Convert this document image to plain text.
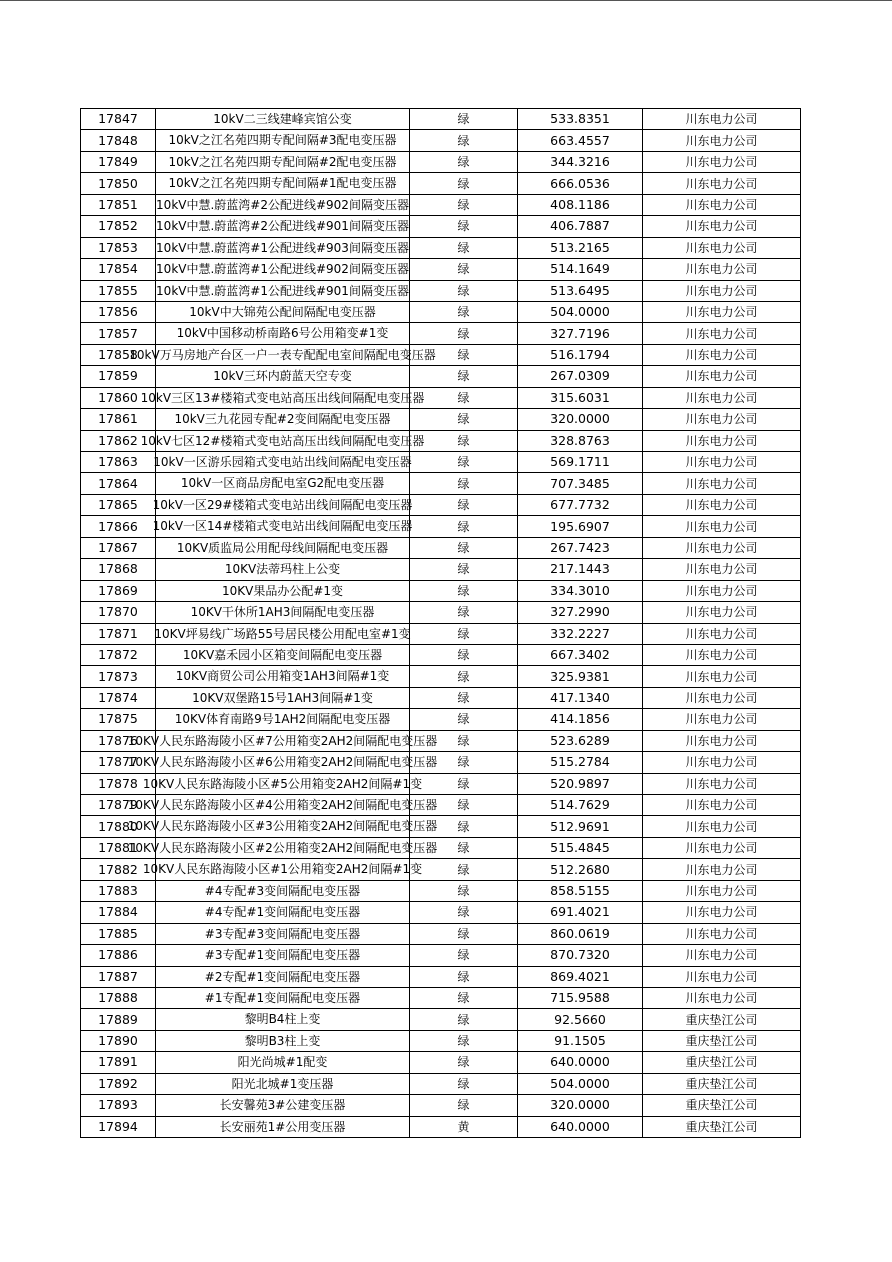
17847	10kV二三线建峰宾馆公变	绿	533.8351	川东电力公司
17848	10kV之江名苑四期专配间隔#3配电变压器	绿	663.4557	川东电力公司
17849	10kV之江名苑四期专配间隔#2配电变压器	绿	344.3216	川东电力公司
17850	10kV之江名苑四期专配间隔#1配电变压器	绿	666.0536	川东电力公司
17851	10kV中慧.蔚蓝湾#2公配进线#902间隔变压器	绿	408.1186	川东电力公司
17852	10kV中慧.蔚蓝湾#2公配进线#901间隔变压器	绿	406.7887	川东电力公司
17853	10kV中慧.蔚蓝湾#1公配进线#903间隔变压器	绿	513.2165	川东电力公司
17854	10kV中慧.蔚蓝湾#1公配进线#902间隔变压器	绿	514.1649	川东电力公司
17855	10kV中慧.蔚蓝湾#1公配进线#901间隔变压器	绿	513.6495	川东电力公司
17856	10kV中大锦苑公配间隔配电变压器	绿	504.0000	川东电力公司
17857	10kV中国移动桥南路6号公用箱变#1变	绿	327.7196	川东电力公司
17858	10kV万马房地产台区一户一表专配配电室间隔配电变压器	绿	516.1794	川东电力公司
17859	10kV三环内蔚蓝天空专变	绿	267.0309	川东电力公司
17860	10kV三区13#楼箱式变电站高压出线间隔配电变压器	绿	315.6031	川东电力公司
17861	10kV三九花园专配#2变间隔配电变压器	绿	320.0000	川东电力公司
17862	10kV七区12#楼箱式变电站高压出线间隔配电变压器	绿	328.8763	川东电力公司
17863	10kV一区游乐园箱式变电站出线间隔配电变压器	绿	569.1711	川东电力公司
17864	10kV一区商品房配电室G2配电变压器	绿	707.3485	川东电力公司
17865	10kV一区29#楼箱式变电站出线间隔配电变压器	绿	677.7732	川东电力公司
17866	10kV一区14#楼箱式变电站出线间隔配电变压器	绿	195.6907	川东电力公司
17867	10KV质监局公用配母线间隔配电变压器	绿	267.7423	川东电力公司
17868	10KV法蒂玛柱上公变	绿	217.1443	川东电力公司
17869	10KV果品办公配#1变	绿	334.3010	川东电力公司
17870	10KV干休所1AH3间隔配电变压器	绿	327.2990	川东电力公司
17871	10KV坪易线广场路55号居民楼公用配电室#1变	绿	332.2227	川东电力公司
17872	10KV嘉禾园小区箱变间隔配电变压器	绿	667.3402	川东电力公司
17873	10KV商贸公司公用箱变1AH3间隔#1变	绿	325.9381	川东电力公司
17874	10KV双堡路15号1AH3间隔#1变	绿	417.1340	川东电力公司
17875	10KV体育南路9号1AH2间隔配电变压器	绿	414.1856	川东电力公司
17876	10KV人民东路海陵小区#7公用箱变2AH2间隔配电变压器	绿	523.6289	川东电力公司
17877	10KV人民东路海陵小区#6公用箱变2AH2间隔配电变压器	绿	515.2784	川东电力公司
17878	10KV人民东路海陵小区#5公用箱变2AH2间隔#1变	绿	520.9897	川东电力公司
17879	10KV人民东路海陵小区#4公用箱变2AH2间隔配电变压器	绿	514.7629	川东电力公司
17880	10KV人民东路海陵小区#3公用箱变2AH2间隔配电变压器	绿	512.9691	川东电力公司
17881	10KV人民东路海陵小区#2公用箱变2AH2间隔配电变压器	绿	515.4845	川东电力公司
17882	10KV人民东路海陵小区#1公用箱变2AH2间隔#1变	绿	512.2680	川东电力公司
17883	#4专配#3变间隔配电变压器	绿	858.5155	川东电力公司
17884	#4专配#1变间隔配电变压器	绿	691.4021	川东电力公司
17885	#3专配#3变间隔配电变压器	绿	860.0619	川东电力公司
17886	#3专配#1变间隔配电变压器	绿	870.7320	川东电力公司
17887	#2专配#1变间隔配电变压器	绿	869.4021	川东电力公司
17888	#1专配#1变间隔配电变压器	绿	715.9588	川东电力公司
17889	黎明B4柱上变	绿	92.5660	重庆垫江公司
17890	黎明B3柱上变	绿	91.1505	重庆垫江公司
17891	阳光尚城#1配变	绿	640.0000	重庆垫江公司
17892	阳光北城#1变压器	绿	504.0000	重庆垫江公司
17893	长安馨苑3#公建变压器	绿	320.0000	重庆垫江公司
17894	长安丽苑1#公用变压器	黄	640.0000	重庆垫江公司
